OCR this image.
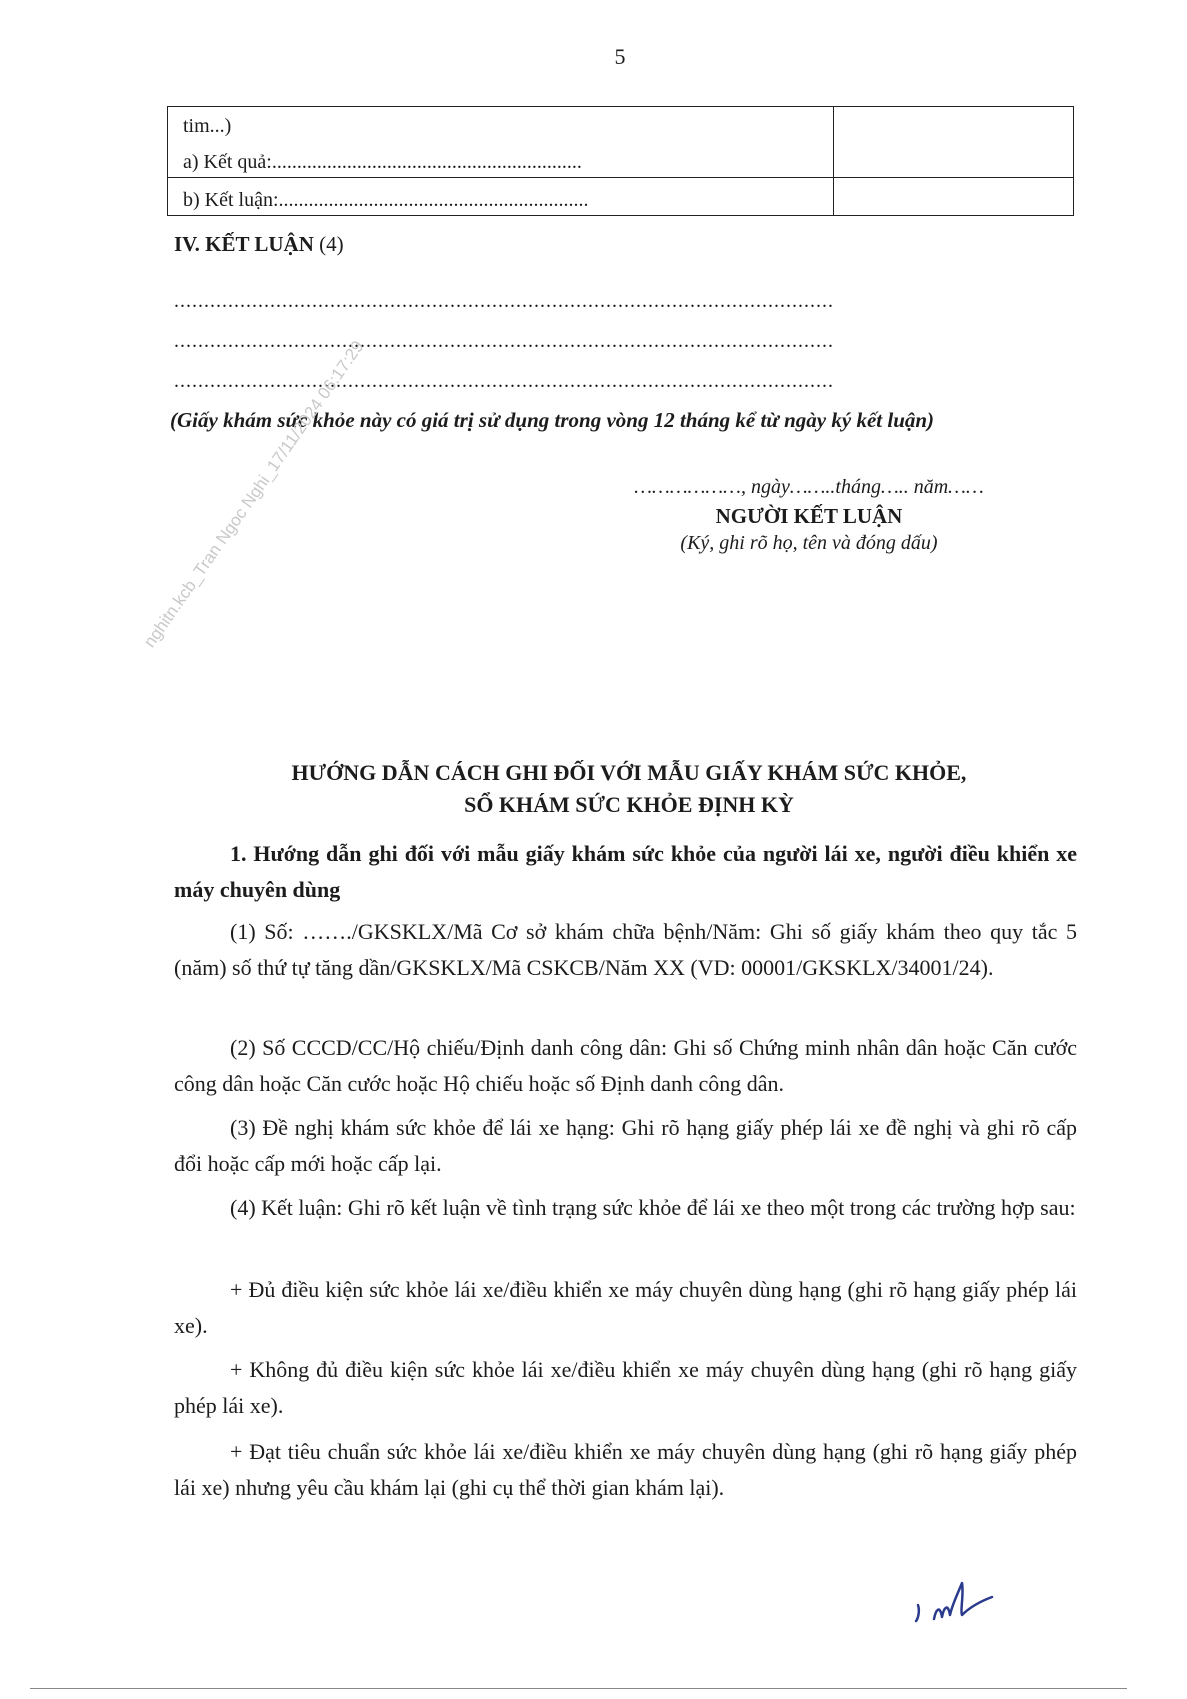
5
tim...)
a) Kết quả:..............................................................
b) Kết luận:..............................................................
IV. KẾT LUẬN (4)
..............................................................................................................
..............................................................................................................
..............................................................................................................
(Giấy khám sức khỏe này có giá trị sử dụng trong vòng 12 tháng kể từ ngày ký kết luận)
………………, ngày……..tháng….. năm……
NGƯỜI KẾT LUẬN
(Ký, ghi rõ họ, tên và đóng dấu)
nghitn.kcb_Tran Ngoc Nghi_17/11/2024 06:17:29
HƯỚNG DẪN CÁCH GHI ĐỐI VỚI MẪU GIẤY KHÁM SỨC KHỎE,
SỔ KHÁM SỨC KHỎE ĐỊNH KỲ
1. Hướng dẫn ghi đối với mẫu giấy khám sức khỏe của người lái xe, người điều khiển xe máy chuyên dùng
(1) Số: ……./GKSKLX/Mã Cơ sở khám chữa bệnh/Năm: Ghi số giấy khám theo quy tắc 5 (năm) số thứ tự tăng dần/GKSKLX/Mã CSKCB/Năm XX (VD: 00001/GKSKLX/34001/24).
(2) Số CCCD/CC/Hộ chiếu/Định danh công dân: Ghi số Chứng minh nhân dân hoặc Căn cước công dân hoặc Căn cước hoặc Hộ chiếu hoặc số Định danh công dân.
(3) Đề nghị khám sức khỏe để lái xe hạng: Ghi rõ hạng giấy phép lái xe đề nghị và ghi rõ cấp đổi hoặc cấp mới hoặc cấp lại.
(4) Kết luận: Ghi rõ kết luận về tình trạng sức khỏe để lái xe theo một trong các trường hợp sau:
+ Đủ điều kiện sức khỏe lái xe/điều khiển xe máy chuyên dùng hạng (ghi rõ hạng giấy phép lái xe).
+ Không đủ điều kiện sức khỏe lái xe/điều khiển xe máy chuyên dùng hạng (ghi rõ hạng giấy phép lái xe).
+ Đạt tiêu chuẩn sức khỏe lái xe/điều khiển xe máy chuyên dùng hạng (ghi rõ hạng giấy phép lái xe) nhưng yêu cầu khám lại (ghi cụ thể thời gian khám lại).
